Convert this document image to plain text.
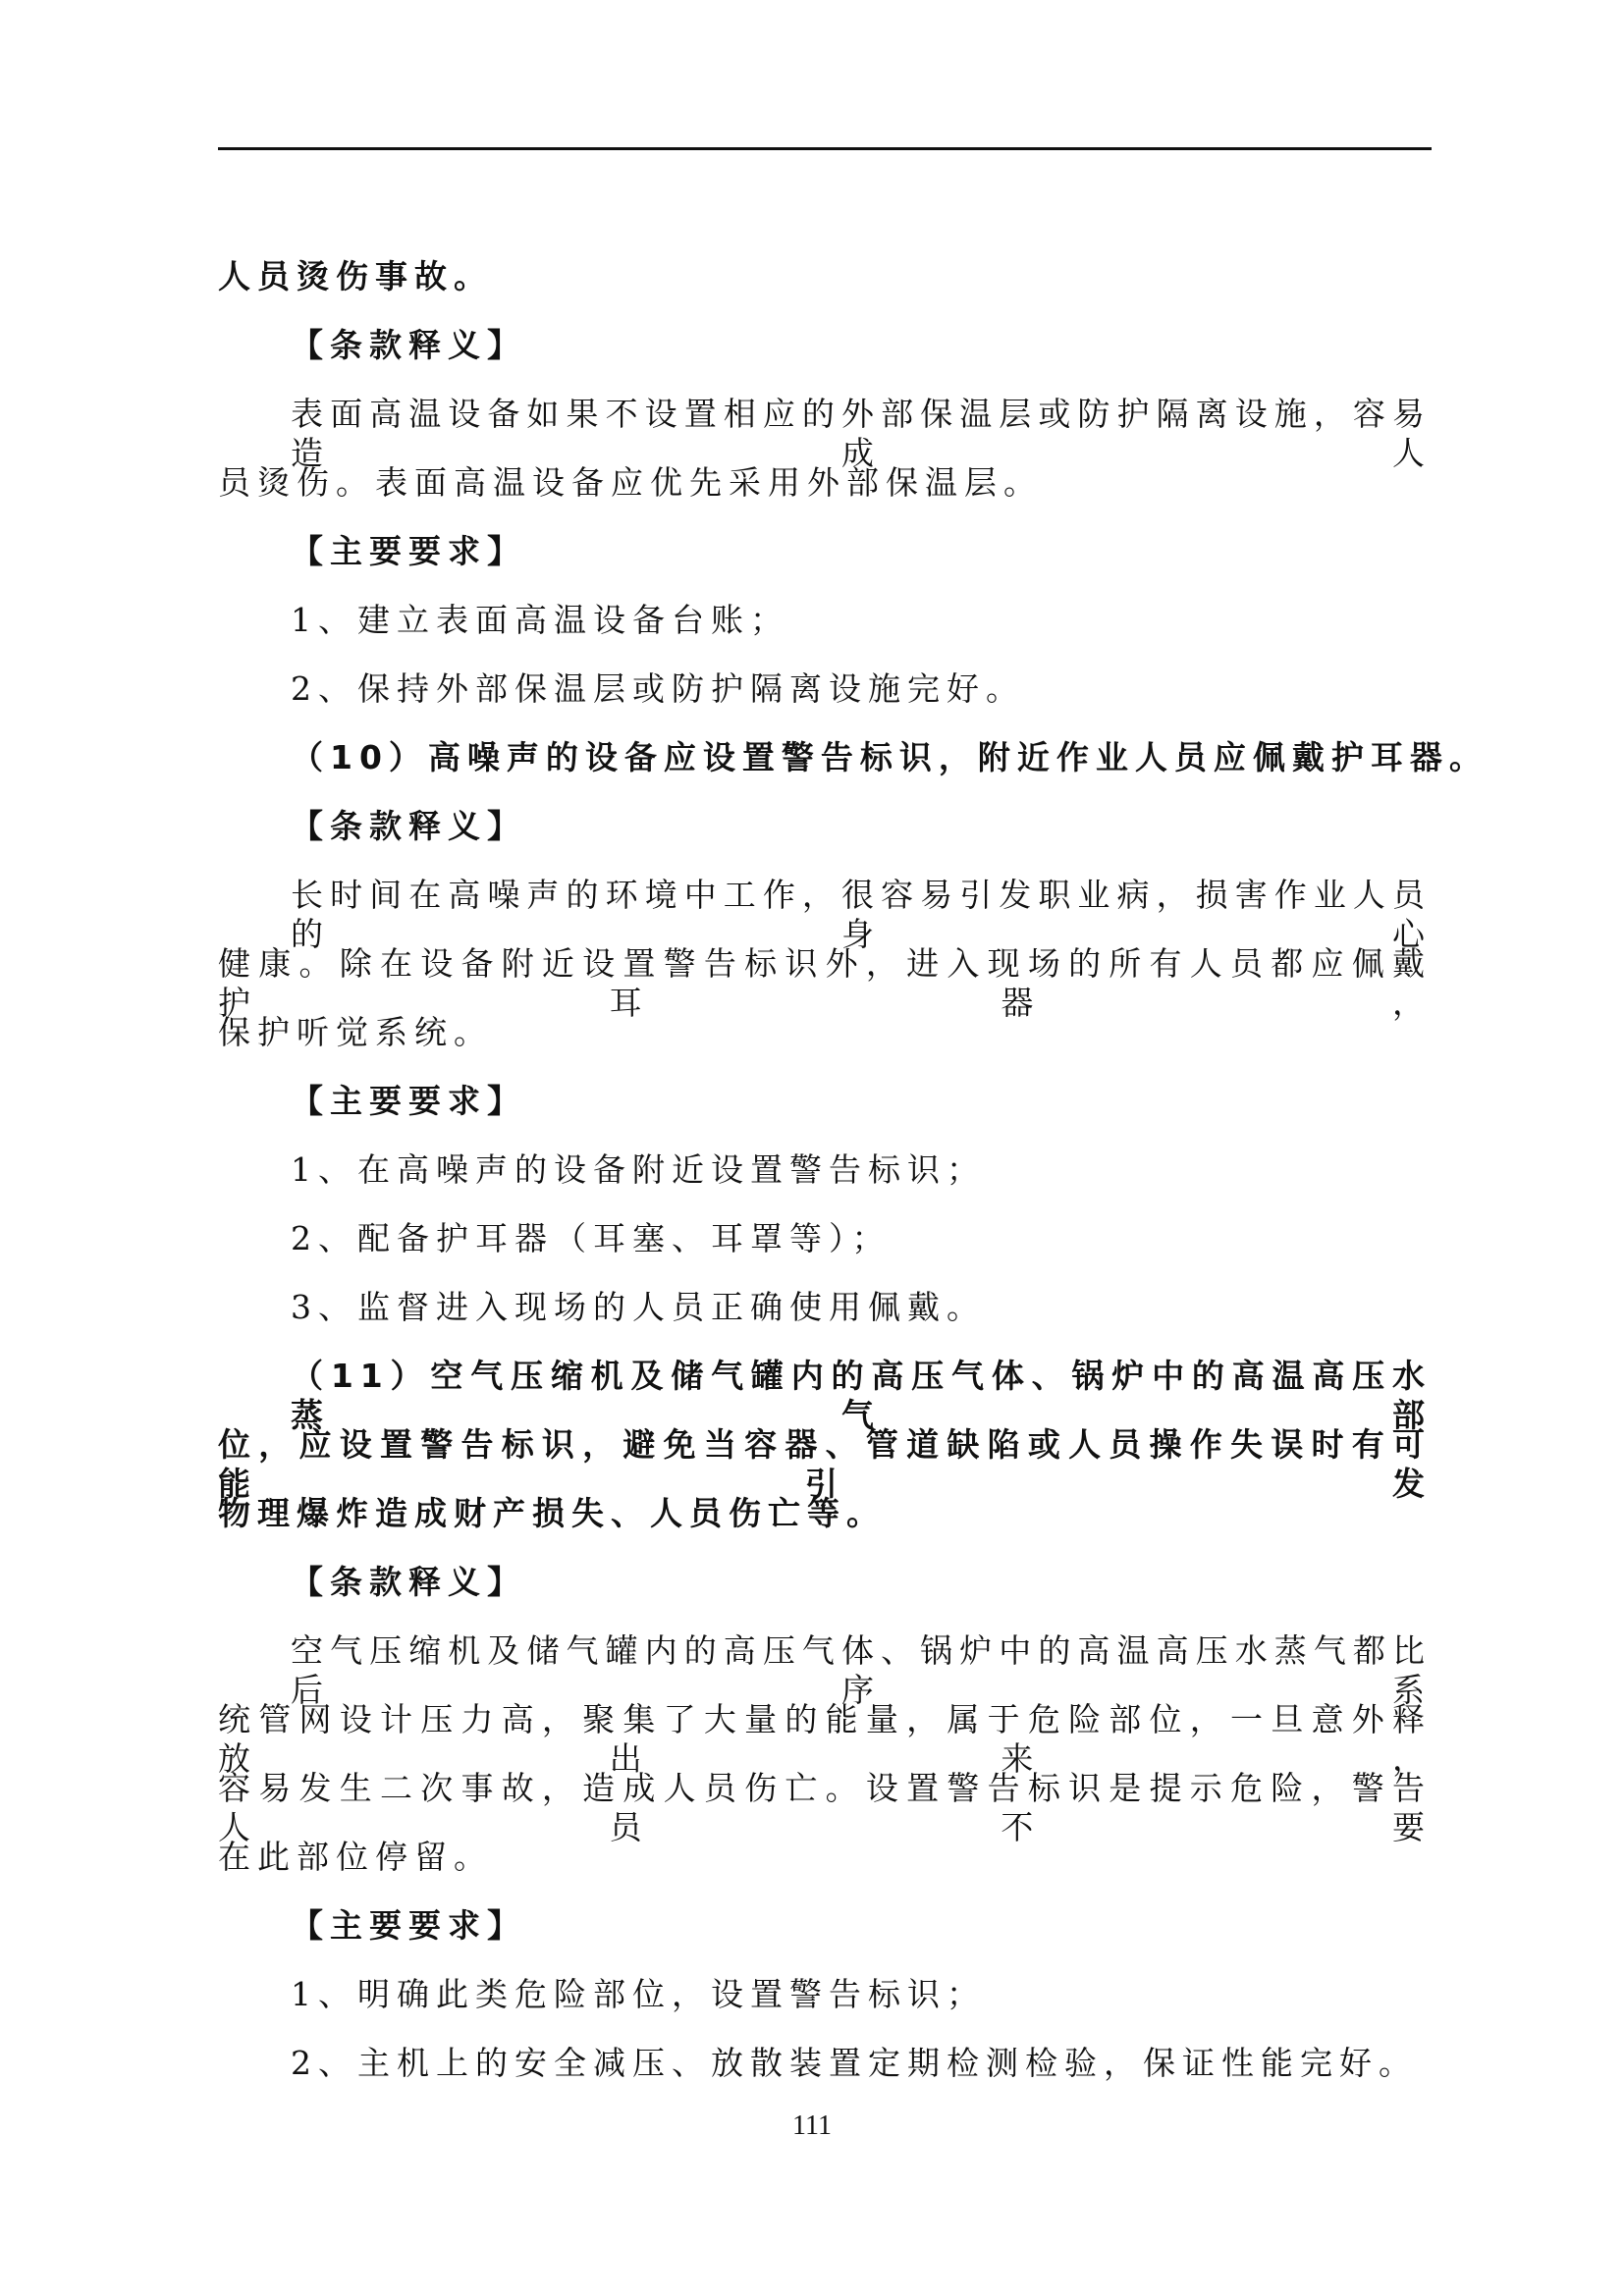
人员烫伤事故。
【条款释义】
表面高温设备如果不设置相应的外部保温层或防护隔离设施，容易造成人
员烫伤。表面高温设备应优先采用外部保温层。
【主要要求】
1、建立表面高温设备台账；
2、保持外部保温层或防护隔离设施完好。
（10）高噪声的设备应设置警告标识，附近作业人员应佩戴护耳器。
【条款释义】
长时间在高噪声的环境中工作，很容易引发职业病，损害作业人员的身心
健康。除在设备附近设置警告标识外，进入现场的所有人员都应佩戴护耳器，
保护听觉系统。
【主要要求】
1、在高噪声的设备附近设置警告标识；
2、配备护耳器（耳塞、耳罩等）；
3、监督进入现场的人员正确使用佩戴。
（11）空气压缩机及储气罐内的高压气体、锅炉中的高温高压水蒸气部
位，应设置警告标识，避免当容器、管道缺陷或人员操作失误时有可能引发
物理爆炸造成财产损失、人员伤亡等。
【条款释义】
空气压缩机及储气罐内的高压气体、锅炉中的高温高压水蒸气都比后序系
统管网设计压力高，聚集了大量的能量，属于危险部位，一旦意外释放出来，
容易发生二次事故，造成人员伤亡。设置警告标识是提示危险，警告人员不要
在此部位停留。
【主要要求】
1、明确此类危险部位，设置警告标识；
2、主机上的安全减压、放散装置定期检测检验，保证性能完好。
111
